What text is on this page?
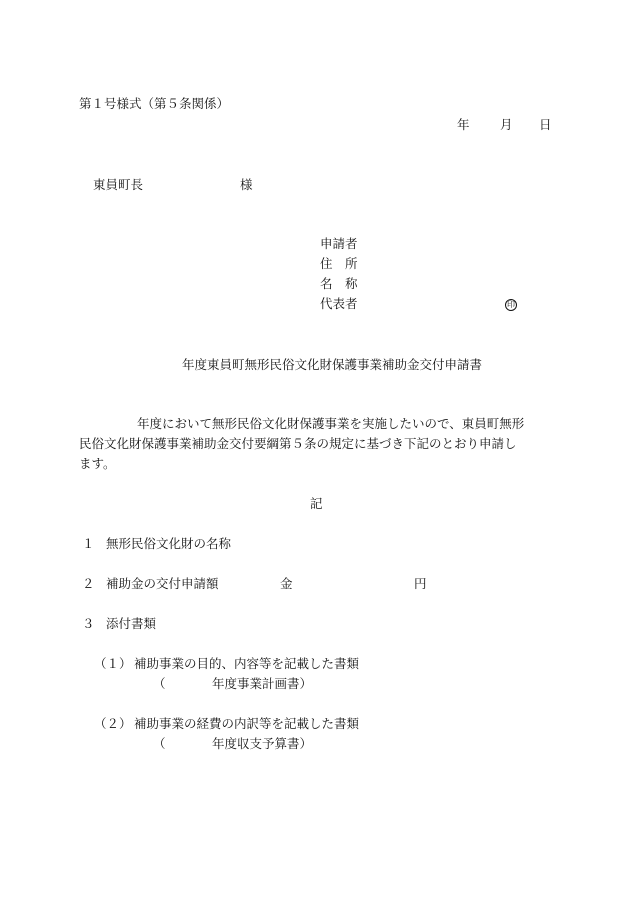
第１号様式（第５条関係）
年 月 日
東員町長	様
申請者
住　所
名　称
代表者	印
年度東員町無形民俗文化財保護事業補助金交付申請書
年度において無形民俗文化財保護事業を実施したいので、東員町無形
民俗文化財保護事業補助金交付要綱第５条の規定に基づき下記のとおり申請し
ます。
記
１ 無形民俗文化財の名称
２ 補助金の交付申請額	金	円
３ 添付書類
（１） 補助事業の目的、内容等を記載した書類
（	年度事業計画書）
（２） 補助事業の経費の内訳等を記載した書類
（	年度収支予算書）
